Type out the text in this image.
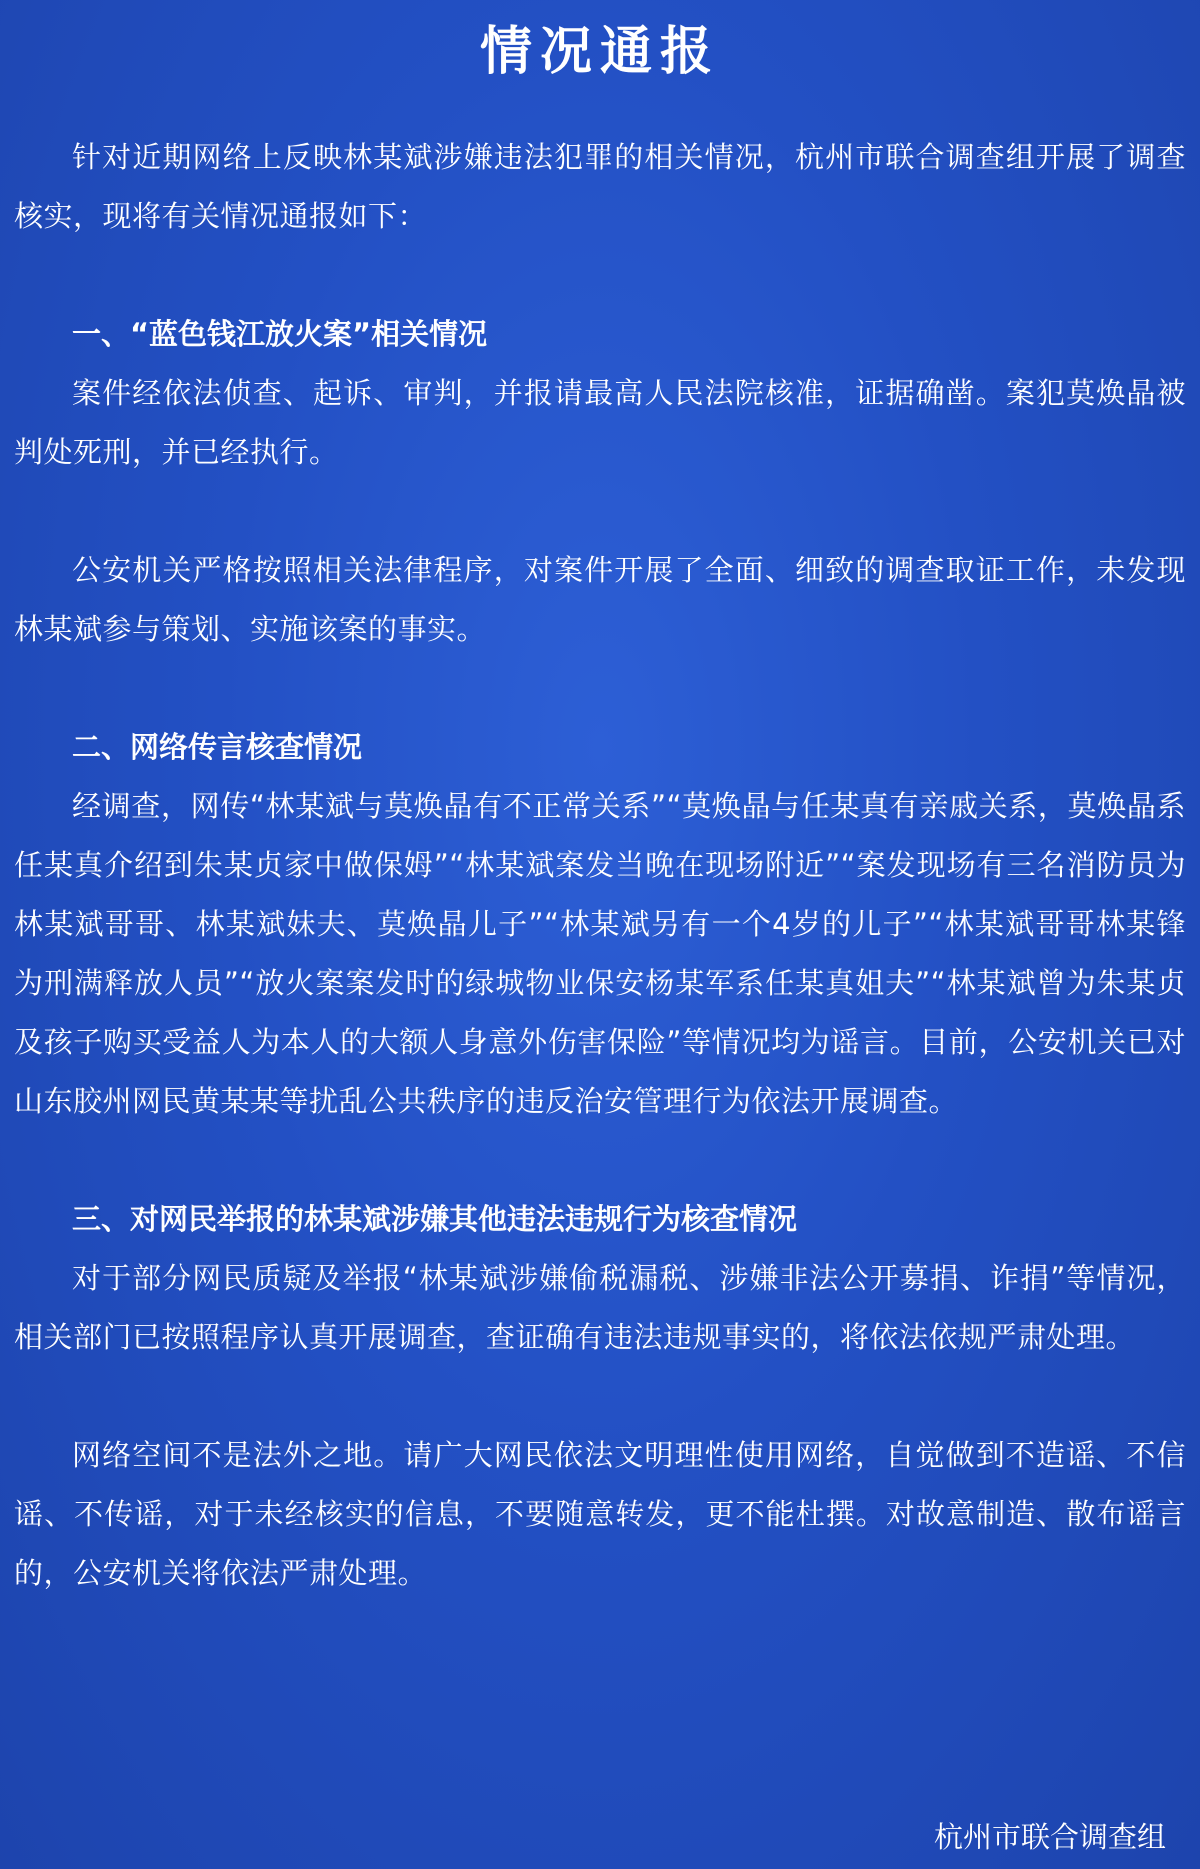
情况通报

针对近期网络上反映林某斌涉嫌违法犯罪的相关情况，杭州市联合调查组开展了调查核实，现将有关情况通报如下：

一、“蓝色钱江放火案”相关情况

案件经依法侦查、起诉、审判，并报请最高人民法院核准，证据确凿。案犯莫焕晶被判处死刑，并已经执行。

公安机关严格按照相关法律程序，对案件开展了全面、细致的调查取证工作，未发现林某斌参与策划、实施该案的事实。

二、网络传言核查情况

经调查，网传“林某斌与莫焕晶有不正常关系”“莫焕晶与任某真有亲戚关系，莫焕晶系任某真介绍到朱某贞家中做保姆”“林某斌案发当晚在现场附近”“案发现场有三名消防员为林某斌哥哥、林某斌妹夫、莫焕晶儿子”“林某斌另有一个4岁的儿子”“林某斌哥哥林某锋为刑满释放人员”“放火案案发时的绿城物业保安杨某军系任某真姐夫”“林某斌曾为朱某贞及孩子购买受益人为本人的大额人身意外伤害保险”等情况均为谣言。目前，公安机关已对山东胶州网民黄某某等扰乱公共秩序的违反治安管理行为依法开展调查。

三、对网民举报的林某斌涉嫌其他违法违规行为核查情况

对于部分网民质疑及举报“林某斌涉嫌偷税漏税、涉嫌非法公开募捐、诈捐”等情况，相关部门已按照程序认真开展调查，查证确有违法违规事实的，将依法依规严肃处理。

网络空间不是法外之地。请广大网民依法文明理性使用网络，自觉做到不造谣、不信谣、不传谣，对于未经核实的信息，不要随意转发，更不能杜撰。对故意制造、散布谣言的，公安机关将依法严肃处理。

杭州市联合调查组
